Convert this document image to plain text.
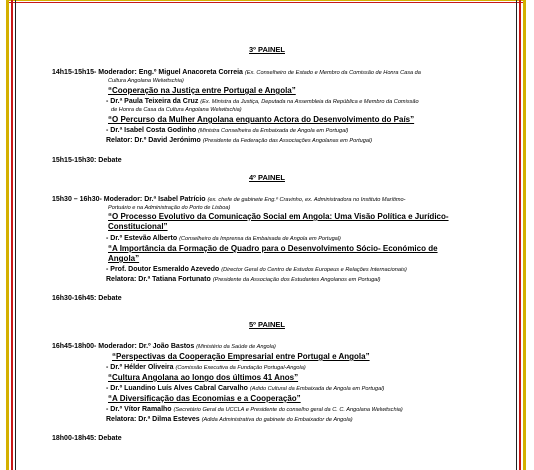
3º PAINEL
14h15-15h15- Moderador: Eng.º Miguel Anacoreta Correia (Ex. Conselheiro de Estado e Membro da Comissão de Honra Casa da
Cultura Angolana Welwitschia)
“Cooperação na Justiça entre Portugal e Angola”
- Dr.ª Paula Teixeira da Cruz (Ex. Ministra da Justiça, Deputada na Assembleia da República e Membro da Comissão
de Honra da Casa da Cultura Angolana Welwitschia)
“O Percurso da Mulher Angolana enquanto Actora do Desenvolvimento do País”
- Dr.ª Isabel Costa Godinho (Ministra Conselheira da Embaixada de Angola em Portugal)
Relator: Dr.º David Jerónimo (Presidente da Federação das Associações Angolanas em Portugal)
15h15-15h30: Debate
4º PAINEL
15h30 – 16h30- Moderador: Dr.ª Isabel Patrício (ex. chefe de gabinete Eng.º Cravinho, ex. Administradora no Instituto Marítimo-
Portuário e na Administração do Porto de Lisboa)
“O Processo Evolutivo da Comunicação Social em Angola: Uma Visão Política e Jurídico-
Constitucional”
- Dr.º Estevão Alberto (Conselheiro da Imprensa da Embaixada de Angola em Portugal)
“A Importância da Formação de Quadro para o Desenvolvimento Sócio- Económico de
Angola”
- Prof. Doutor Esmeraldo Azevedo (Director Geral do Centro de Estudos Europeus e Relações Internacionais)
Relatora: Dr.ª Tatiana Fortunato (Presidente da Associação dos Estudantes Angolanos em Portugal)
16h30-16h45: Debate
5º PAINEL
16h45-18h00- Moderador: Dr.º João Bastos (Ministério da Saúde de Angola)
“Perspectivas da Cooperação Empresarial entre Portugal e Angola”
- Dr.º Hélder Oliveira (Comissão Executiva da Fundação Portugal-Angola)
“Cultura Angolana ao longo dos últimos 41 Anos”
- Dr.º Luandino Luís Alves Cabral Carvalho (Adido Cultural da Embaixada de Angola em Portugal)
“A Diversificação das Economias e a Cooperação”
- Dr.º Vítor Ramalho (Secretário Geral da UCCLA e Presidente do conselho geral da C. C. Angolana Welwitschia)
Relatora: Dr.ª Dilma Esteves (Adida Administrativa do gabinete do Embaixador de Angola)
18h00-18h45: Debate
